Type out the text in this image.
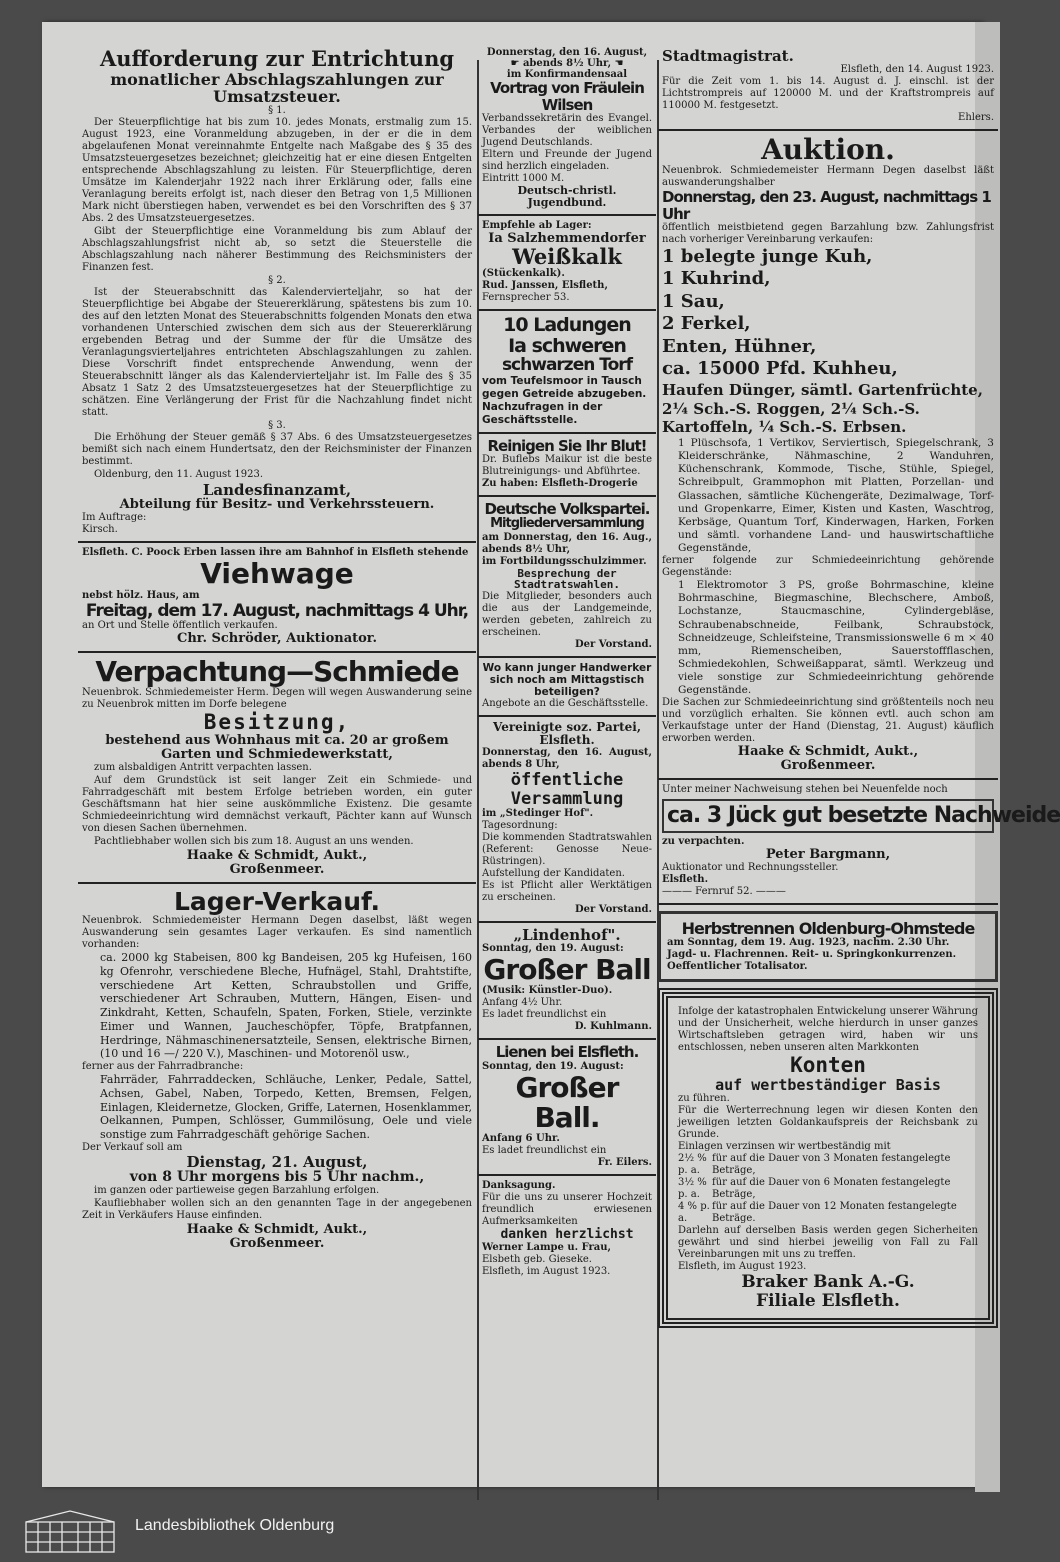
Aufforderung zur Entrichtung
monatlicher Abschlagszahlungen zur Umsatzsteuer.
§ 1.

Der Steuerpflichtige hat bis zum 10. jedes Monats, erstmalig zum 15. August 1923, eine Voranmeldung abzugeben, in der er die in dem abgelaufenen Monat vereinnahmte Entgelte nach Maßgabe des § 35 des Umsatzsteuergesetzes bezeichnet; gleichzeitig hat er eine diesen Entgelten entsprechende Abschlagszahlung zu leisten. Für Steuerpflichtige, deren Umsätze im Kalenderjahr 1922 nach ihrer Erklärung oder, falls eine Veranlagung bereits erfolgt ist, nach dieser den Betrag von 1,5 Millionen Mark nicht überstiegen haben, verwendet es bei den Vorschriften des § 37 Abs. 2 des Umsatzsteuergesetzes.

Gibt der Steuerpflichtige eine Voranmeldung bis zum Ablauf der Abschlagszahlungsfrist nicht ab, so setzt die Steuerstelle die Abschlagszahlung nach näherer Bestimmung des Reichsministers der Finanzen fest.

§ 2.

Ist der Steuerabschnitt das Kalendervierteljahr, so hat der Steuerpflichtige bei Abgabe der Steuererklärung, spätestens bis zum 10. des auf den letzten Monat des Steuerabschnitts folgenden Monats den etwa vorhandenen Unterschied zwischen dem sich aus der Steuererklärung ergebenden Betrag und der Summe der für die Umsätze des Veranlagungsvierteljahres entrichteten Abschlagszahlungen zu zahlen. Diese Vorschrift findet entsprechende Anwendung, wenn der Steuerabschnitt länger als das Kalendervierteljahr ist. Im Falle des § 35 Absatz 1 Satz 2 des Umsatzsteuergesetzes hat der Steuerpflichtige zu schätzen. Eine Verlängerung der Frist für die Nachzahlung findet nicht statt.

§ 3.

Die Erhöhung der Steuer gemäß § 37 Abs. 6 des Umsatzsteuergesetzes bemißt sich nach einem Hundertsatz, den der Reichsminister der Finanzen bestimmt.

Oldenburg, den 11. August 1923.

Landesfinanzamt,
Abteilung für Besitz- und Verkehrssteuern.
Im Auftrage:
Kirsch.
Elsfleth. C. Poock Erben lassen ihre am Bahnhof in Elsfleth stehende
Viehwage
nebst hölz. Haus, am
Freitag, dem 17. August, nachmittags 4 Uhr,
an Ort und Stelle öffentlich verkaufen.
Chr. Schröder, Auktionator.
Verpachtung—Schmiede
Neuenbrok. Schmiedemeister Herm. Degen will wegen Auswanderung seine zu Neuenbrok mitten im Dorfe belegene
Besitzung,
bestehend aus Wohnhaus mit ca. 20 ar großem
Garten und Schmiedewerkstatt,

zum alsbaldigen Antritt verpachten lassen.

Auf dem Grundstück ist seit langer Zeit ein Schmiede- und Fahrradgeschäft mit bestem Erfolge betrieben worden, ein guter Geschäftsmann hat hier seine auskömmliche Existenz. Die gesamte Schmiedeeinrichtung wird demnächst verkauft, Pächter kann auf Wunsch von diesen Sachen übernehmen.

Pachtliebhaber wollen sich bis zum 18. August an uns wenden.

Haake & Schmidt, Aukt.,
Großenmeer.
Lager-Verkauf.
Neuenbrok. Schmiedemeister Hermann Degen daselbst, läßt wegen Auswanderung sein gesamtes Lager verkaufen. Es sind namentlich vorhanden:
ca. 2000 kg Stabeisen, 800 kg Bandeisen, 205 kg Hufeisen, 160 kg Ofenrohr, verschiedene Bleche, Hufnägel, Stahl, Drahtstifte, verschiedene Art Ketten, Schraubstollen und Griffe, verschiedener Art Schrauben, Muttern, Hängen, Eisen- und Zinkdraht, Ketten, Schaufeln, Spaten, Forken, Stiele, verzinkte Eimer und Wannen, Jaucheschöpfer, Töpfe, Bratpfannen, Herdringe, Nähmaschinenersatzteile, Sensen, elektrische Birnen, (10 und 16 —/ 220 V.), Maschinen- und Motorenöl usw.,
ferner aus der Fahrradbranche:
Fahrräder, Fahrraddecken, Schläuche, Lenker, Pedale, Sattel, Achsen, Gabel, Naben, Torpedo, Ketten, Bremsen, Felgen, Einlagen, Kleidernetze, Glocken, Griffe, Laternen, Hosenklammer, Oelkannen, Pumpen, Schlösser, Gummilösung, Oele und viele sonstige zum Fahrradgeschäft gehörige Sachen.
Der Verkauf soll am
Dienstag, 21. August,
von 8 Uhr morgens bis 5 Uhr nachm.,

im ganzen oder partieweise gegen Barzahlung erfolgen.

Kaufliebhaber wollen sich an den genannten Tage in der angegebenen Zeit in Verkäufers Hause einfinden.

Haake & Schmidt, Aukt.,
Großenmeer.
Donnerstag, den 16. August,
☛ abends 8½ Uhr, ☚
im Konfirmandensaal
Vortrag von Fräulein Wilsen
Verbandssekretärin des Evangel. Verbandes der weiblichen Jugend Deutschlands.
Eltern und Freunde der Jugend sind herzlich eingeladen.
Eintritt 1000 M.
Deutsch-christl. Jugendbund.
Empfehle ab Lager:
Ia Salzhemmendorfer
Weißkalk
(Stückenkalk).
Rud. Janssen, Elsfleth,
Fernsprecher 53.
10 Ladungen
Ia schweren
schwarzen Torf
vom Teufelsmoor in Tausch gegen Getreide abzugeben. Nachzufragen in der Geschäftsstelle.
Reinigen Sie Ihr Blut!
Dr. Buflebs Maikur ist die beste Blutreinigungs- und Abführtee.
Zu haben: Elsfleth-Drogerie
Deutsche Volkspartei.
Mitgliederversammlung
am Donnerstag, den 16. Aug., abends 8½ Uhr,
im Fortbildungsschulzimmer.
Besprechung der Stadtratswahlen.
Die Mitglieder, besonders auch die aus der Landgemeinde, werden gebeten, zahlreich zu erscheinen.
Der Vorstand.
Wo kann junger Handwerker sich noch am Mittagstisch beteiligen?
Angebote an die Geschäftsstelle.
Vereinigte soz. Partei, Elsfleth.
Donnerstag, den 16. August, abends 8 Uhr,
öffentliche Versammlung
im „Stedinger Hof".
Tagesordnung:
Die kommenden Stadtratswahlen (Referent: Genosse Neue-Rüstringen).
Aufstellung der Kandidaten.
Es ist Pflicht aller Werktätigen zu erscheinen.
Der Vorstand.
„Lindenhof".
Sonntag, den 19. August:
Großer Ball
(Musik: Künstler-Duo).
Anfang 4½ Uhr.
Es ladet freundlichst ein
D. Kuhlmann.
Lienen bei Elsfleth.
Sonntag, den 19. August:
Großer Ball.
Anfang 6 Uhr.
Es ladet freundlichst ein
Fr. Eilers.
Danksagung.
Für die uns zu unserer Hochzeit freundlich erwiesenen Aufmerksamkeiten
danken herzlichst
Werner Lampe u. Frau,
Elsbeth geb. Gieseke.
Elsfleth, im August 1923.
Stadtmagistrat.
Elsfleth, den 14. August 1923.
Für die Zeit vom 1. bis 14. August d. J. einschl. ist der Lichtstrompreis auf 120000 M. und der Kraftstrompreis auf 110000 M. festgesetzt.
Ehlers.
Auktion.
Neuenbrok. Schmiedemeister Hermann Degen daselbst läßt auswanderungshalber
Donnerstag, den 23. August, nachmittags 1 Uhr
öffentlich meistbietend gegen Barzahlung bzw. Zahlungsfrist nach vorheriger Vereinbarung verkaufen:
1 belegte junge Kuh,
1 Kuhrind,
1 Sau,
2 Ferkel,
Enten, Hühner,
ca. 15000 Pfd. Kuhheu,
Haufen Dünger, sämtl. Gartenfrüchte,
2¼ Sch.-S. Roggen, 2¼ Sch.-S. Kartoffeln, ¼ Sch.-S. Erbsen.
1 Plüschsofa, 1 Vertikov, Serviertisch, Spiegelschrank, 3 Kleiderschränke, Nähmaschine, 2 Wanduhren, Küchenschrank, Kommode, Tische, Stühle, Spiegel, Schreibpult, Grammophon mit Platten, Porzellan- und Glassachen, sämtliche Küchengeräte, Dezimalwage, Torf- und Gropenkarre, Eimer, Kisten und Kasten, Waschtrog, Kerbsäge, Quantum Torf, Kinderwagen, Harken, Forken und sämtl. vorhandene Land- und hauswirtschaftliche Gegenstände,
ferner folgende zur Schmiedeeinrichtung gehörende Gegenstände:
1 Elektromotor 3 PS, große Bohrmaschine, kleine Bohrmaschine, Biegmaschine, Blechschere, Amboß, Lochstanze, Staucmaschine, Cylindergebläse, Schraubenabschneide, Feilbank, Schraubstock, Schneidzeuge, Schleifsteine, Transmissionswelle 6 m × 40 mm, Riemenscheiben, Sauerstoffflaschen, Schmiedekohlen, Schweißapparat, sämtl. Werkzeug und viele sonstige zur Schmiedeeinrichtung gehörende Gegenstände.
Die Sachen zur Schmiedeeinrichtung sind größtenteils noch neu und vorzüglich erhalten. Sie können evtl. auch schon am Verkaufstage unter der Hand (Dienstag, 21. August) käuflich erworben werden.
Haake & Schmidt, Aukt.,
Großenmeer.
Unter meiner Nachweisung stehen bei Neuenfelde noch
ca. 3 Jück gut besetzte Nachweide
zu verpachten.
Peter Bargmann,
Auktionator und Rechnungssteller.
Elsfleth.
——— Fernruf 52. ———
Herbstrennen Oldenburg-Ohmstede
am Sonntag, dem 19. Aug. 1923, nachm. 2.30 Uhr.
Jagd- u. Flachrennen. Reit- u. Springkonkurrenzen.
Oeffentlicher Totalisator.
Infolge der katastrophalen Entwickelung unserer Währung und der Unsicherheit, welche hierdurch in unser ganzes Wirtschaftsleben getragen wird, haben wir uns entschlossen, neben unseren alten Markkonten
Konten
auf wertbeständiger Basis
zu führen.
Für die Werterrechnung legen wir diesen Konten den jeweiligen letzten Goldankaufspreis der Reichsbank zu Grunde.
Einlagen verzinsen wir wertbeständig mit
2½ % p. a.
für auf die Dauer von 3 Monaten festangelegte Beträge,
3½ % p. a.
für auf die Dauer von 6 Monaten festangelegte Beträge,
4 % p. a.
für auf die Dauer von 12 Monaten festangelegte Beträge.
Darlehn auf derselben Basis werden gegen Sicherheiten gewährt und sind hierbei jeweilig von Fall zu Fall Vereinbarungen mit uns zu treffen.
Elsfleth, im August 1923.
Braker Bank A.-G.
Filiale Elsfleth.
Landesbibliothek Oldenburg
